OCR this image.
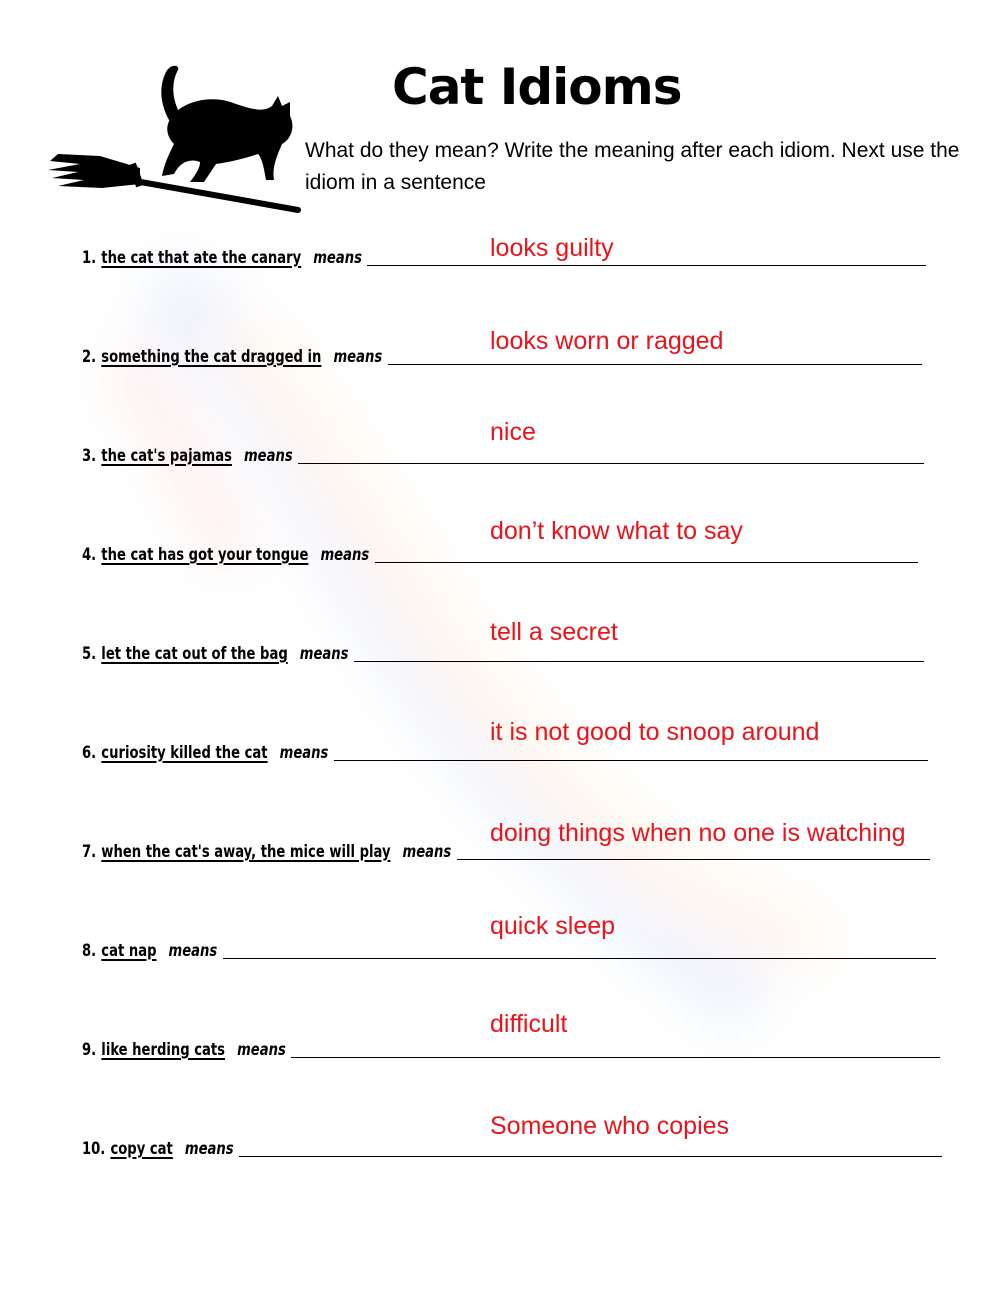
Cat Idioms

What do they mean? Write the meaning after each idiom. Next use the idiom in a sentence

1. the cat that ate the canary means
2. something the cat dragged in means
3. the cat's pajamas means
4. the cat has got your tongue means
5. let the cat out of the bag means
6. curiosity killed the cat means
7. when the cat's away, the mice will play means
8. cat nap means
9. like herding cats means
10. copy cat means
looks guilty
looks worn or ragged
nice
don’t know what to say
tell a secret
it is not good to snoop around
doing things when no one is watching
quick sleep
difficult
Someone who copies
